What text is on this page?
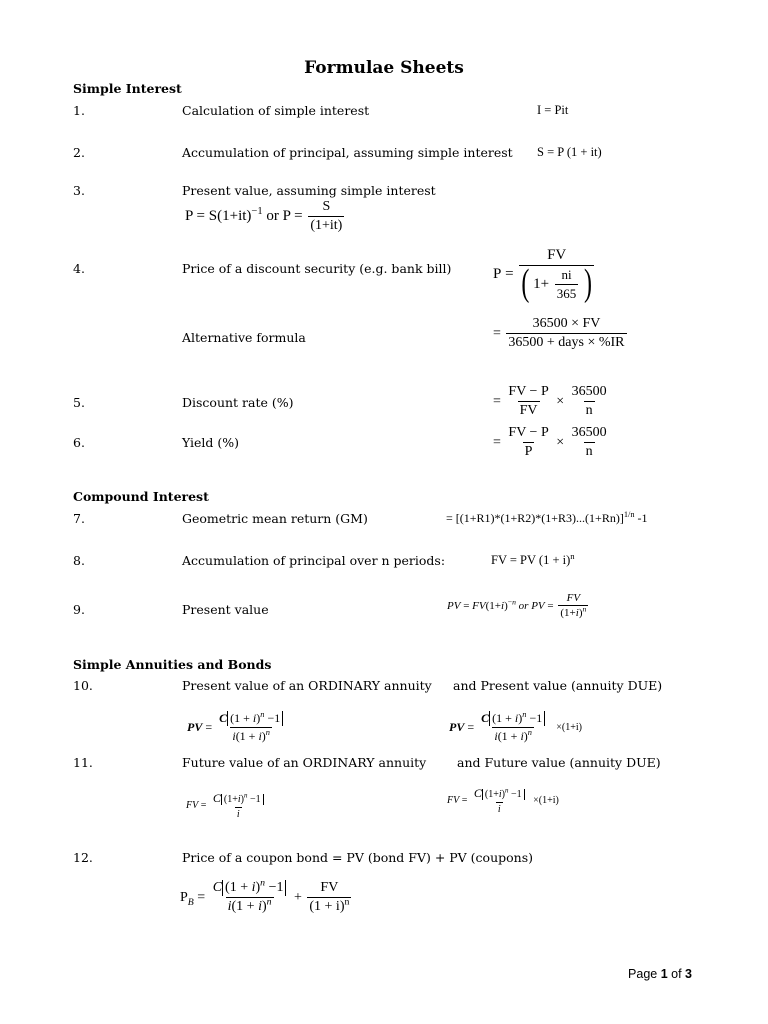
Formulae Sheets
Simple Interest
1.	Calculation of simple interest	I = Pit
2.	Accumulation of principal, assuming simple interest S = P (1 + it)
3.	Present value, assuming simple interest
$P = S(1+it)^{-1}$ or $P = \frac{S}{(1+it)}$
4.	Price of a discount security (e.g. bank bill)	$P = \frac{FV}{( 1+ \frac{ni}{365} )}$
Alternative formula	= $\frac{36500 \times FV}{\text{36500 + days × \%IR}}$
5.	Discount rate (%)	= $\frac{FV - P}{FV} \times \frac{36500}{n}$
6.	Yield (%)	= $\frac{FV - P}{P} \times \frac{36500}{n}$
Compound Interest
7.	Geometric mean return (GM)	= $[(1+R1)*(1+R2)*(1+R3)...(1+Rn)]^{1/n}$ -1
8.	Accumulation of principal over n periods:	FV = PV $(1 + i)^n$
9.	Present value	PV = $FV(1+i)^{-n}$ or PV = $\frac{FV}{(1+i)^n}$
Simple Annuities and Bonds
10.	Present value of an ORDINARY annuity and Present value (annuity DUE)
PV = $\frac{C (1 + i)^n -1}{i(1 + i)^n}$	PV = $\frac{C (1 + i)^n -1}{i(1 + i)^n} \times(1+i)$
11.	Future value of an ORDINARY annuity and Future value (annuity DUE)
FV = $\frac{C (1+i)^n -1}{i}$	FV = $\frac{C (1+i)^n -1}{i} \times(1+i)$
12.	Price of a coupon bond = PV (bond FV) + PV (coupons)
$P_B = \frac{C (1 + i)^n -1}{i(1 + i)^n} + \frac{FV}{(1 + i)^n}$
Page 1 of 3
